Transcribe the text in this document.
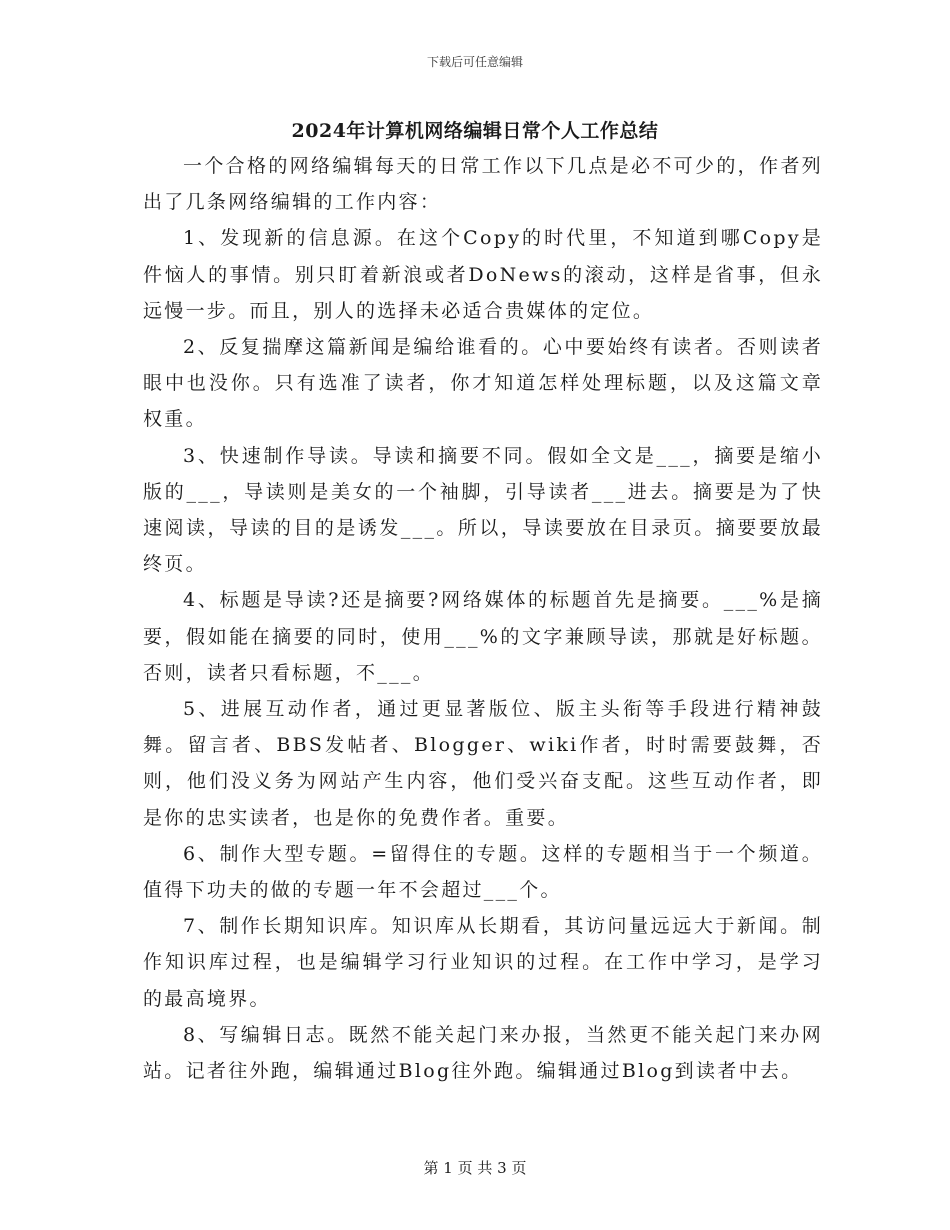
下载后可任意编辑
2024年计算机网络编辑日常个人工作总结

一个合格的网络编辑每天的日常工作以下几点是必不可少的，作者列出了几条网络编辑的工作内容：

1、发现新的信息源。在这个Copy的时代里，不知道到哪Copy是件恼人的事情。别只盯着新浪或者DoNews的滚动，这样是省事，但永远慢一步。而且，别人的选择未必适合贵媒体的定位。

2、反复揣摩这篇新闻是编给谁看的。心中要始终有读者。否则读者眼中也没你。只有选准了读者，你才知道怎样处理标题，以及这篇文章权重。

3、快速制作导读。导读和摘要不同。假如全文是___，摘要是缩小版的___，导读则是美女的一个袖脚，引导读者___进去。摘要是为了快速阅读，导读的目的是诱发___。所以，导读要放在目录页。摘要要放最终页。

4、标题是导读?还是摘要?网络媒体的标题首先是摘要。___%是摘要，假如能在摘要的同时，使用___%的文字兼顾导读，那就是好标题。否则，读者只看标题，不___。

5、进展互动作者，通过更显著版位、版主头衔等手段进行精神鼓舞。留言者、BBS发帖者、Blogger、wiki作者，时时需要鼓舞，否则，他们没义务为网站产生内容，他们受兴奋支配。这些互动作者，即是你的忠实读者，也是你的免费作者。重要。

6、制作大型专题。=留得住的专题。这样的专题相当于一个频道。值得下功夫的做的专题一年不会超过___个。

7、制作长期知识库。知识库从长期看，其访问量远远大于新闻。制作知识库过程，也是编辑学习行业知识的过程。在工作中学习，是学习的最高境界。

8、写编辑日志。既然不能关起门来办报，当然更不能关起门来办网站。记者往外跑，编辑通过Blog往外跑。编辑通过Blog到读者中去。

第 1 页 共 3 页
